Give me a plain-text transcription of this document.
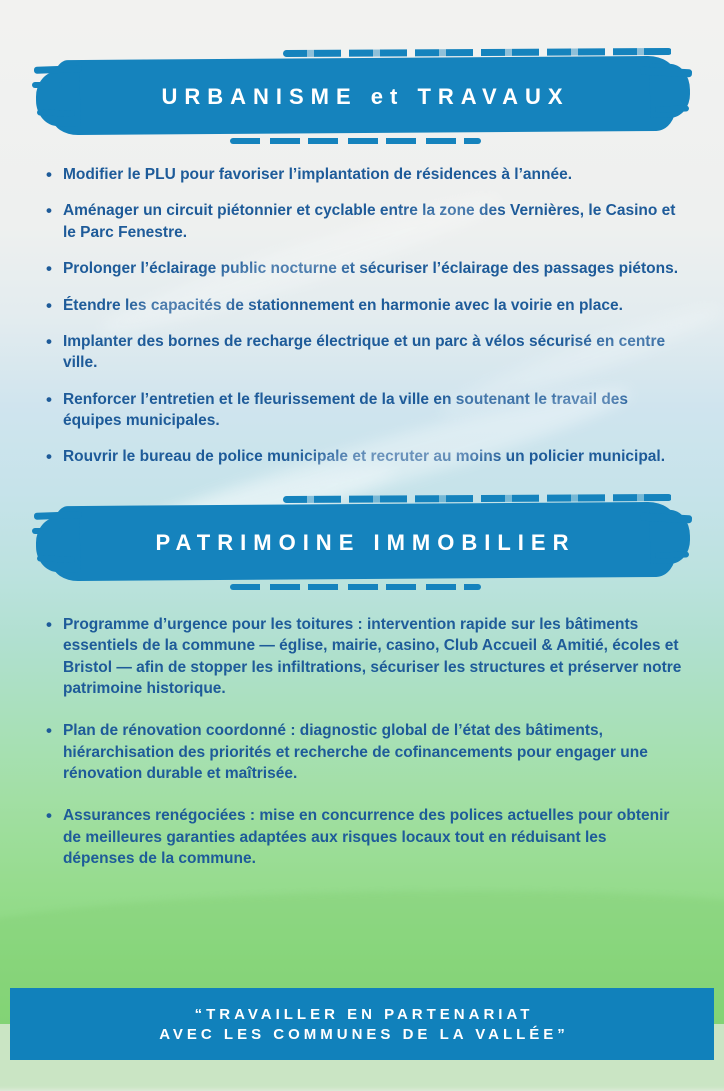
URBANISME et TRAVAUX
• Modifier le PLU pour favoriser l’implantation de résidences à l’année.
• Aménager un circuit piétonnier et cyclable entre la zone des Vernières, le Casino et le Parc Fenestre.
• Prolonger l’éclairage public nocturne et sécuriser l’éclairage des passages piétons.
• Étendre les capacités de stationnement en harmonie avec la voirie en place.
• Implanter des bornes de recharge électrique et un parc à vélos sécurisé en centre ville.
• Renforcer l’entretien et le fleurissement de la ville en soutenant le travail des équipes municipales.
• Rouvrir le bureau de police municipale et recruter au moins un policier municipal.
PATRIMOINE IMMOBILIER
• Programme d’urgence pour les toitures : intervention rapide sur les bâtiments essentiels de la commune — église, mairie, casino, Club Accueil & Amitié, écoles et Bristol — afin de stopper les infiltrations, sécuriser les structures et préserver notre patrimoine historique.
• Plan de rénovation coordonné : diagnostic global de l’état des bâtiments, hiérarchisation des priorités et recherche de cofinancements pour engager une rénovation durable et maîtrisée.
• Assurances renégociées : mise en concurrence des polices actuelles pour obtenir de meilleures garanties adaptées aux risques locaux tout en réduisant les dépenses de la commune.
“TRAVAILLER EN PARTENARIAT
AVEC LES COMMUNES DE LA VALLÉE”
